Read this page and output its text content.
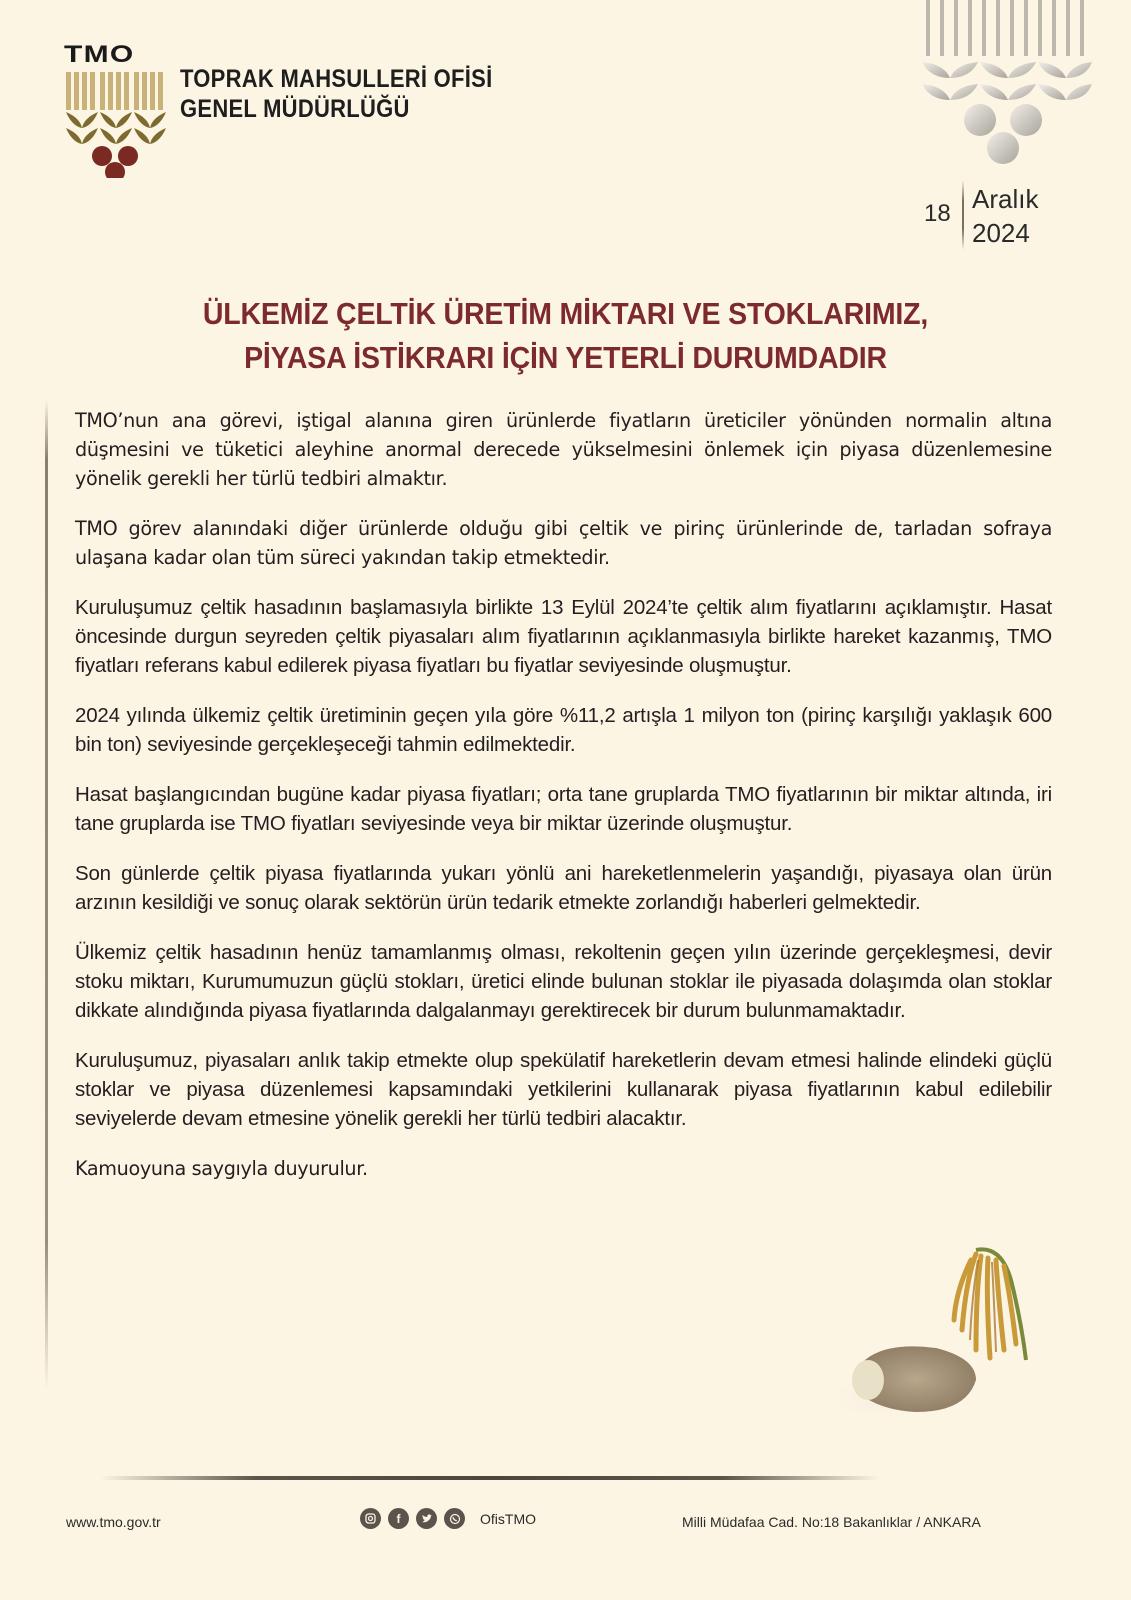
TMO
TOPRAK MAHSULLERİ OFİSİ
GENEL MÜDÜRLÜĞÜ
18 Aralık
2024
ÜLKEMİZ ÇELTİK ÜRETİM MİKTARI VE STOKLARIMIZ,
PİYASA İSTİKRARI İÇİN YETERLİ DURUMDADIR

TMO’nun ana görevi, iştigal alanına giren ürünlerde fiyatların üreticiler yönünden normalin altına düşmesini ve tüketici aleyhine anormal derecede yükselmesini önlemek için piyasa düzenlemesine yönelik gerekli her türlü tedbiri almaktır.

TMO görev alanındaki diğer ürünlerde olduğu gibi çeltik ve pirinç ürünlerinde de, tarladan sofraya ulaşana kadar olan tüm süreci yakından takip etmektedir.

Kuruluşumuz çeltik hasadının başlamasıyla birlikte 13 Eylül 2024’te çeltik alım fiyatlarını açıklamıştır. Hasat öncesinde durgun seyreden çeltik piyasaları alım fiyatlarının açıklanmasıyla birlikte hareket kazanmış, TMO fiyatları referans kabul edilerek piyasa fiyatları bu fiyatlar seviyesinde oluşmuştur.

2024 yılında ülkemiz çeltik üretiminin geçen yıla göre %11,2 artışla 1 milyon ton (pirinç karşılığı yaklaşık 600 bin ton) seviyesinde gerçekleşeceği tahmin edilmektedir.

Hasat başlangıcından bugüne kadar piyasa fiyatları; orta tane gruplarda TMO fiyatlarının bir miktar altında, iri tane gruplarda ise TMO fiyatları seviyesinde veya bir miktar üzerinde oluşmuştur.

Son günlerde çeltik piyasa fiyatlarında yukarı yönlü ani hareketlenmelerin yaşandığı, piyasaya olan ürün arzının kesildiği ve sonuç olarak sektörün ürün tedarik etmekte zorlandığı haberleri gelmektedir.

Ülkemiz çeltik hasadının henüz tamamlanmış olması, rekoltenin geçen yılın üzerinde gerçekleşmesi, devir stoku miktarı, Kurumumuzun güçlü stokları, üretici elinde bulunan stoklar ile piyasada dolaşımda olan stoklar dikkate alındığında piyasa fiyatlarında dalgalanmayı gerektirecek bir durum bulunmamaktadır.

Kuruluşumuz, piyasaları anlık takip etmekte olup spekülatif hareketlerin devam etmesi halinde elindeki güçlü stoklar ve piyasa düzenlemesi kapsamındaki yetkilerini kullanarak piyasa fiyatlarının kabul edilebilir seviyelerde devam etmesine yönelik gerekli her türlü tedbiri alacaktır.

Kamuoyuna saygıyla duyurulur.

www.tmo.gov.tr	f	OfisTMO	Milli Müdafaa Cad. No:18 Bakanlıklar / ANKARA
